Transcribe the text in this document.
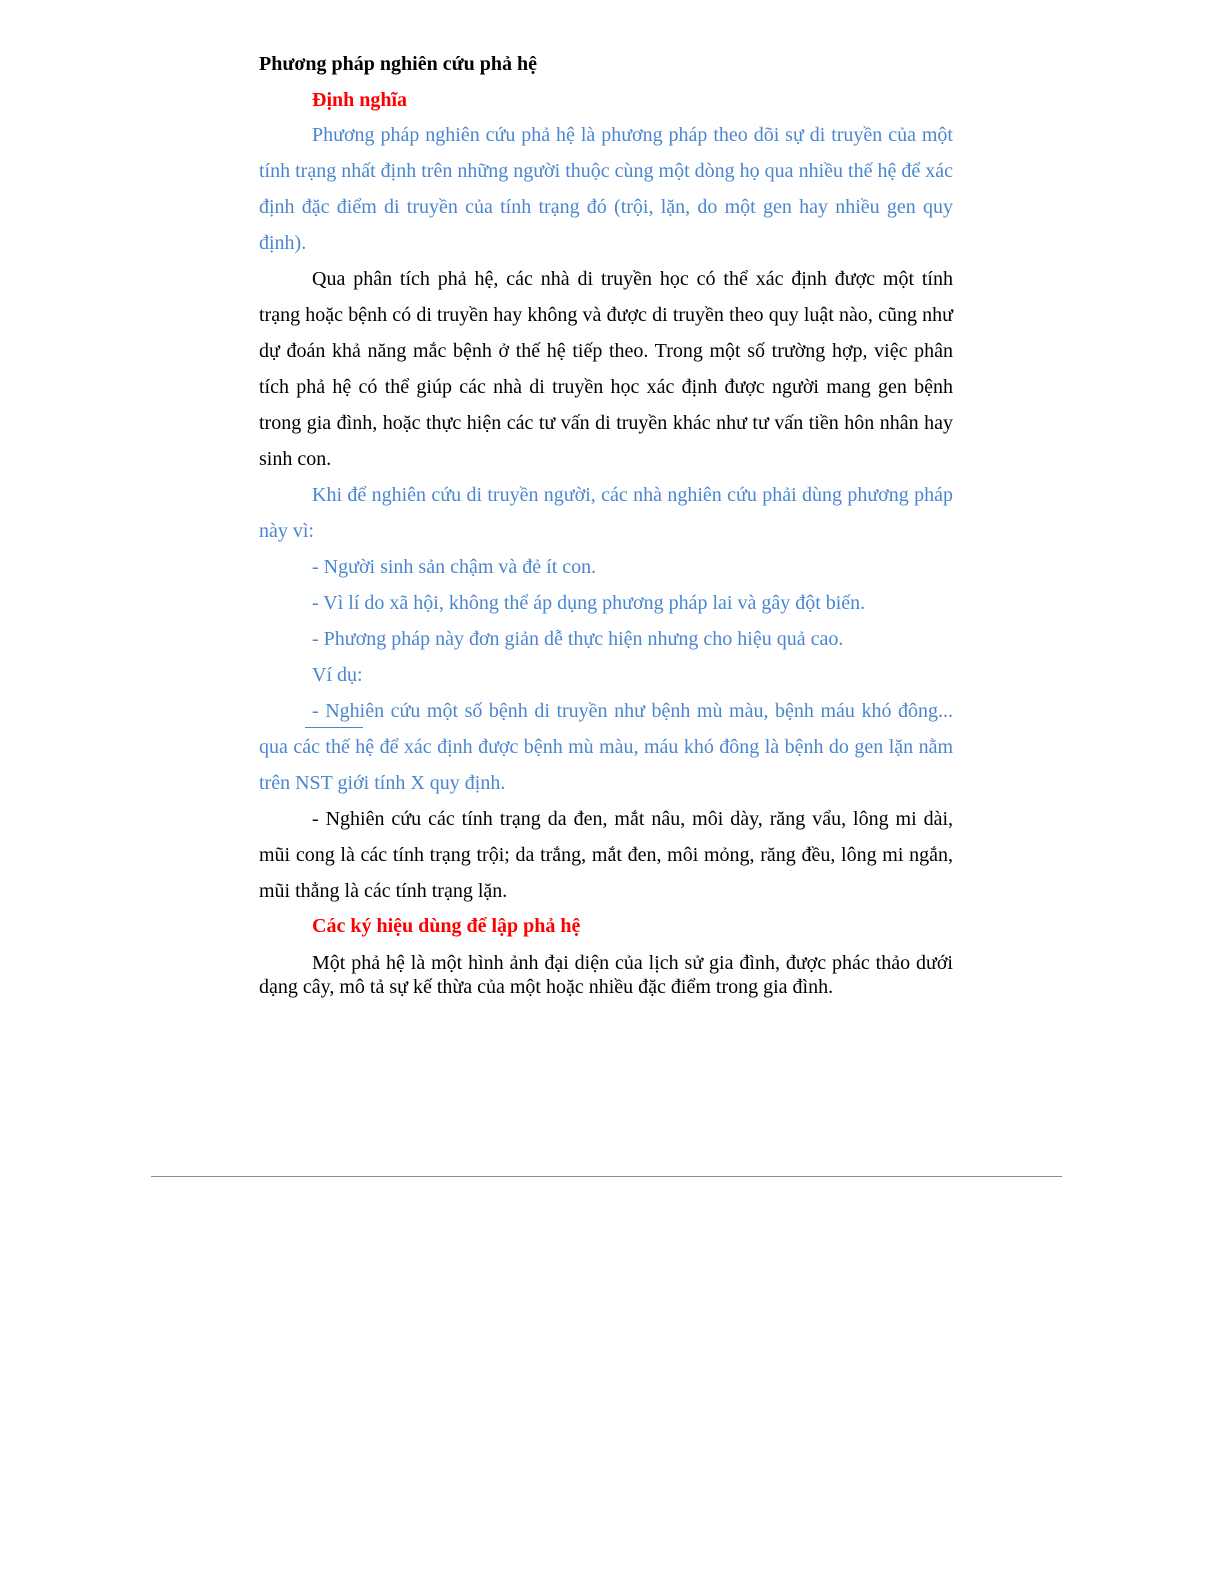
Phương pháp nghiên cứu phả hệ
Định nghĩa

Phương pháp nghiên cứu phả hệ là phương pháp theo dõi sự di truyền của một tính trạng nhất định trên những người thuộc cùng một dòng họ qua nhiều thế hệ để xác định đặc điểm di truyền của tính trạng đó (trội, lặn, do một gen hay nhiều gen quy định).

Qua phân tích phả hệ, các nhà di truyền học có thể xác định được một tính trạng hoặc bệnh có di truyền hay không và được di truyền theo quy luật nào, cũng như dự đoán khả năng mắc bệnh ở thế hệ tiếp theo. Trong một số trường hợp, việc phân tích phả hệ có thể giúp các nhà di truyền học xác định được người mang gen bệnh trong gia đình, hoặc thực hiện các tư vấn di truyền khác như tư vấn tiền hôn nhân hay sinh con.

Khi để nghiên cứu di truyền người, các nhà nghiên cứu phải dùng phương pháp này vì:

- Người sinh sản chậm và đẻ ít con.

- Vì lí do xã hội, không thể áp dụng phương pháp lai và gây đột biến.

- Phương pháp này đơn giản dễ thực hiện nhưng cho hiệu quả cao.

Ví dụ:

- Nghiên cứu một số bệnh di truyền như bệnh mù màu, bệnh máu khó đông... qua các thế hệ để xác định được bệnh mù màu, máu khó đông là bệnh do gen lặn nằm trên NST giới tính X quy định.

- Nghiên cứu các tính trạng da đen, mắt nâu, môi dày, răng vẩu, lông mi dài, mũi cong là các tính trạng trội; da trắng, mắt đen, môi mỏng, răng đều, lông mi ngắn, mũi thẳng là các tính trạng lặn.

Các ký hiệu dùng để lập phả hệ

Một phả hệ là một hình ảnh đại diện của lịch sử gia đình, được phác thảo dưới dạng cây, mô tả sự kế thừa của một hoặc nhiều đặc điểm trong gia đình.
